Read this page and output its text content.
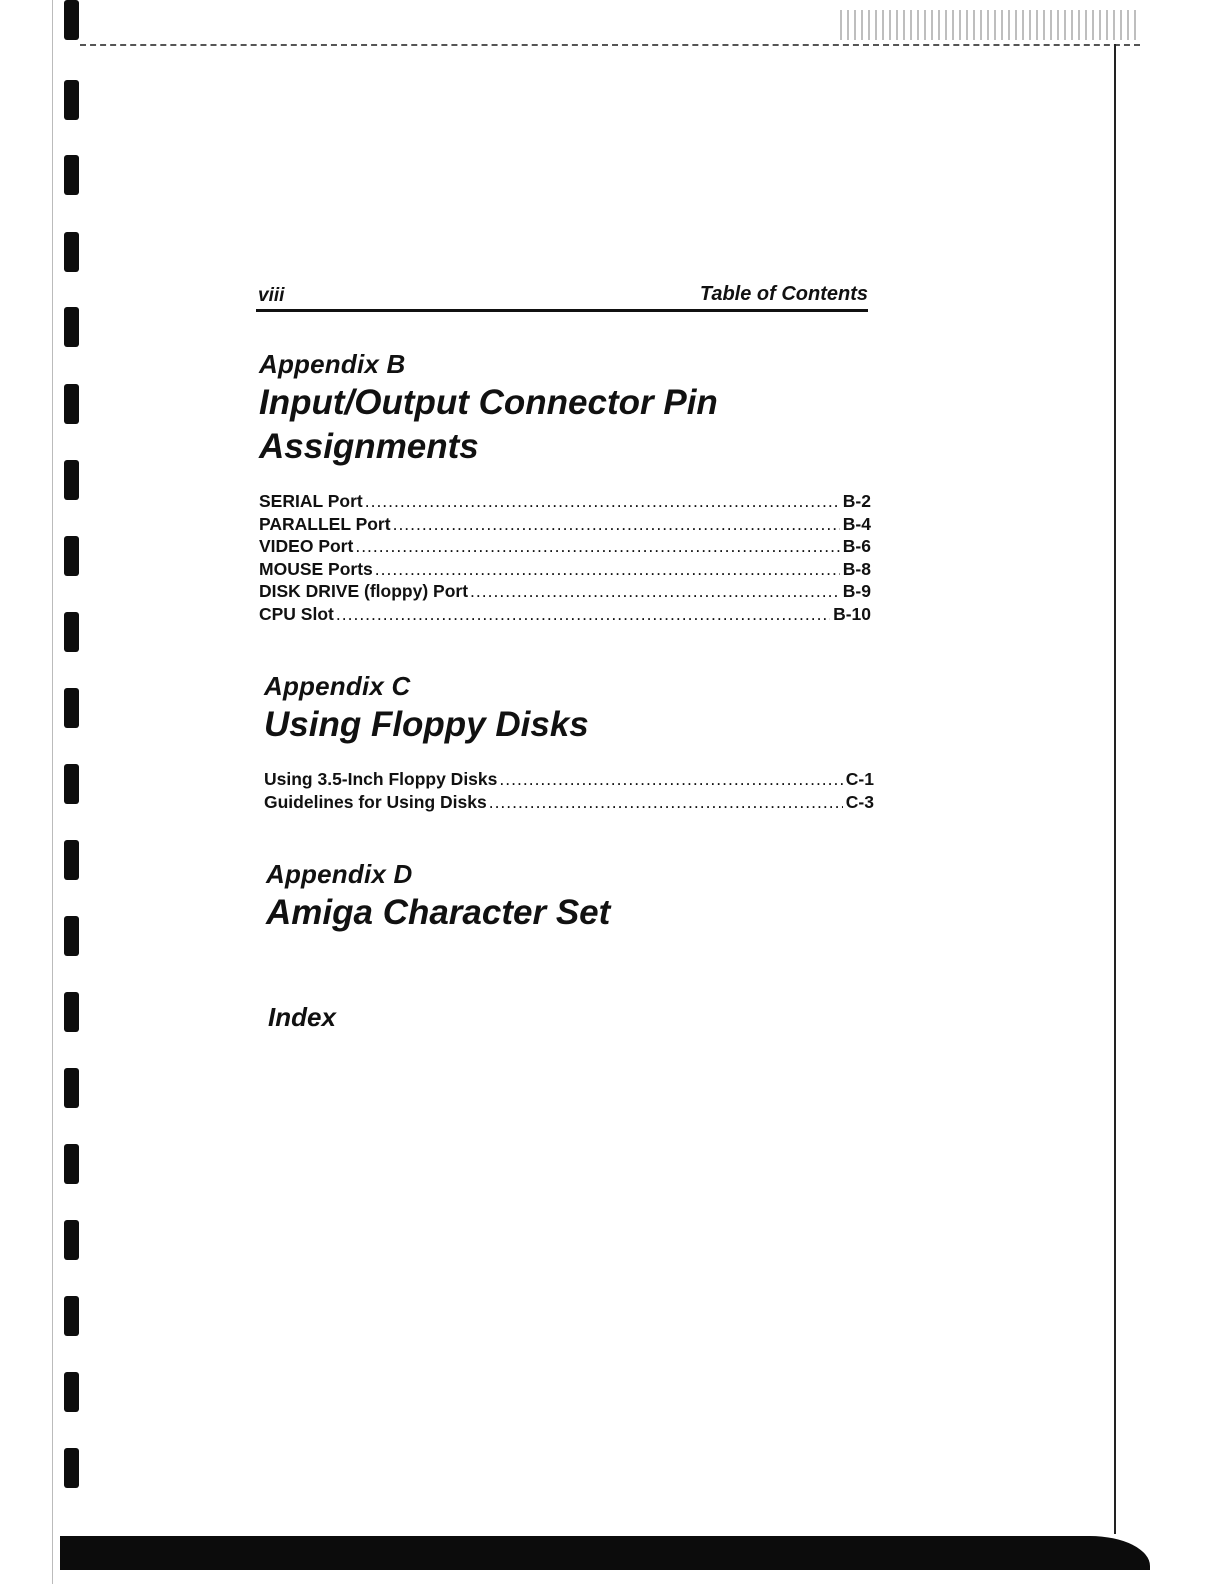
viii	Table of Contents
Appendix B
Input/Output Connector Pin
Assignments
SERIAL Port .....	B-2
PARALLEL Port .....	B-4
VIDEO Port .....	B-6
MOUSE Ports .....	B-8
DISK DRIVE (floppy) Port .....	B-9
CPU Slot .....	B-10
Appendix C
Using Floppy Disks
Using 3.5-Inch Floppy Disks .....	C-1
Guidelines for Using Disks .....	C-3
Appendix D
Amiga Character Set
Index
